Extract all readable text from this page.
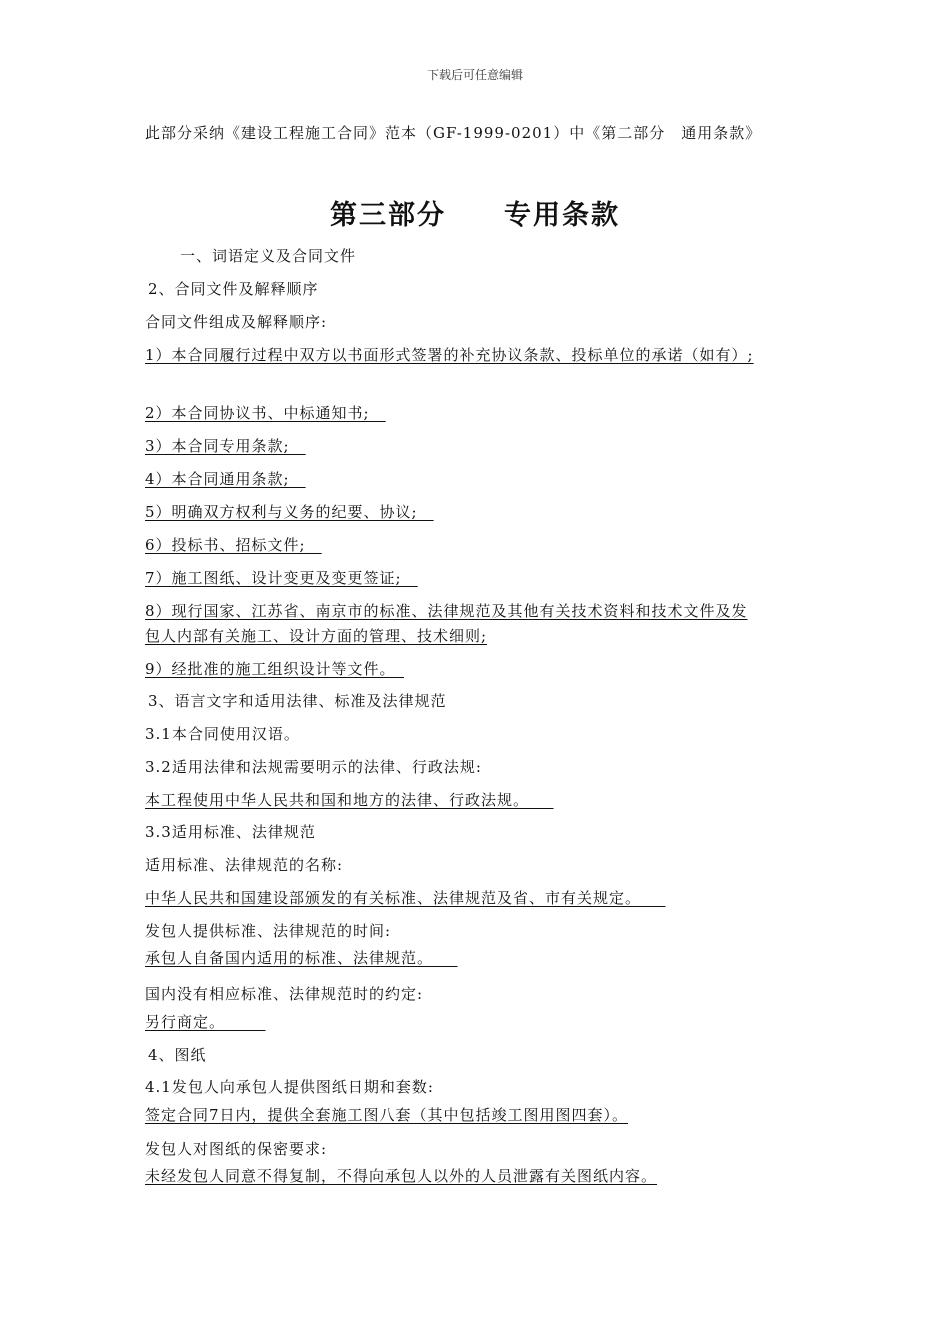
下载后可任意编辑
此部分采纳《建设工程施工合同》范本（GF-1999-0201）中《第二部分　通用条款》
第三部分 专用条款
一、词语定义及合同文件
2、合同文件及解释顺序
合同文件组成及解释顺序:
1）本合同履行过程中双方以书面形式签署的补充协议条款、投标单位的承诺（如有）;
2）本合同协议书、中标通知书;　
3）本合同专用条款;　
4）本合同通用条款;　
5）明确双方权利与义务的纪要、协议;　
6）投标书、招标文件;　
7）施工图纸、设计变更及变更签证;　
8）现行国家、江苏省、南京市的标准、法律规范及其他有关技术资料和技术文件及发
包人内部有关施工、设计方面的管理、技术细则;
9）经批准的施工组织设计等文件。　
3、语言文字和适用法律、标准及法律规范
3.1本合同使用汉语。
3.2适用法律和法规需要明示的法律、行政法规:
本工程使用中华人民共和国和地方的法律、行政法规。　　
3.3适用标准、法律规范
适用标准、法律规范的名称:
中华人民共和国建设部颁发的有关标准、法律规范及省、市有关规定。　　
发包人提供标准、法律规范的时间:
承包人自备国内适用的标准、法律规范。　　
国内没有相应标准、法律规范时的约定:
另行商定。　　　
4、图纸
4.1发包人向承包人提供图纸日期和套数:
签定合同7日内，提供全套施工图八套（其中包括竣工图用图四套）。
发包人对图纸的保密要求:
未经发包人同意不得复制，不得向承包人以外的人员泄露有关图纸内容。
